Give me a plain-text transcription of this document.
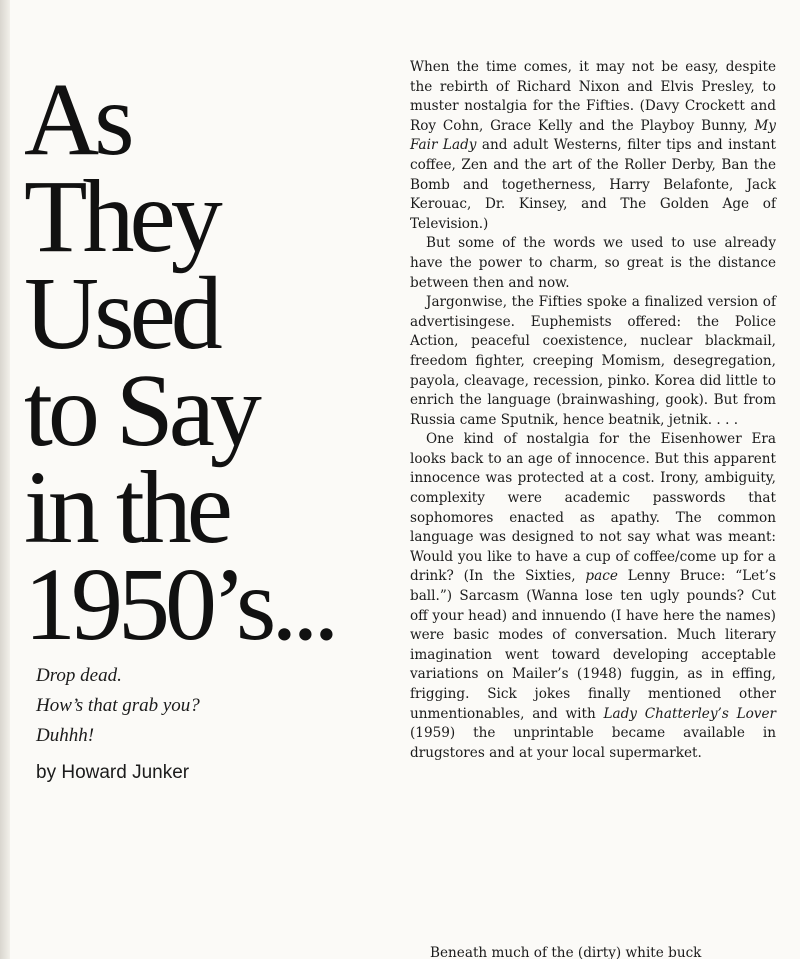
As
They
Used
to Say
in the
1950’s...
Drop dead.
How’s that grab you?
Duhhh!
by Howard Junker

When the time comes, it may not be easy, despite the rebirth of Richard Nixon and Elvis Presley, to muster nostalgia for the Fifties. (Davy Crockett and Roy Cohn, Grace Kelly and the Playboy Bunny, My Fair Lady and adult Westerns, filter tips and instant coffee, Zen and the art of the Roller Derby, Ban the Bomb and togetherness, Harry Belafonte, Jack Kerouac, Dr. Kinsey, and The Golden Age of Television.)

But some of the words we used to use already have the power to charm, so great is the distance between then and now.

Jargonwise, the Fifties spoke a finalized version of advertisingese. Euphemists offered: the Police Action, peaceful coexistence, nuclear blackmail, freedom fighter, creeping Momism, desegregation, payola, cleavage, recession, pinko. Korea did little to enrich the language (brainwashing, gook). But from Russia came Sputnik, hence beatnik, jetnik. . . .

One kind of nostalgia for the Eisenhower Era looks back to an age of innocence. But this apparent innocence was protected at a cost. Irony, ambiguity, complexity were academic passwords that sophomores enacted as apathy. The common language was designed to not say what was meant: Would you like to have a cup of coffee/come up for a drink? (In the Sixties, pace Lenny Bruce: “Let’s ball.”) Sarcasm (Wanna lose ten ugly pounds? Cut off your head) and innuendo (I have here the names) were basic modes of conversation. Much literary imagination went toward developing acceptable variations on Mailer’s (1948) fuggin, as in effing, frigging. Sick jokes finally mentioned other unmentionables, and with Lady Chatterley’s Lover (1959) the unprintable became available in drugstores and at your local supermarket.

Beneath much of the (dirty) white buck
